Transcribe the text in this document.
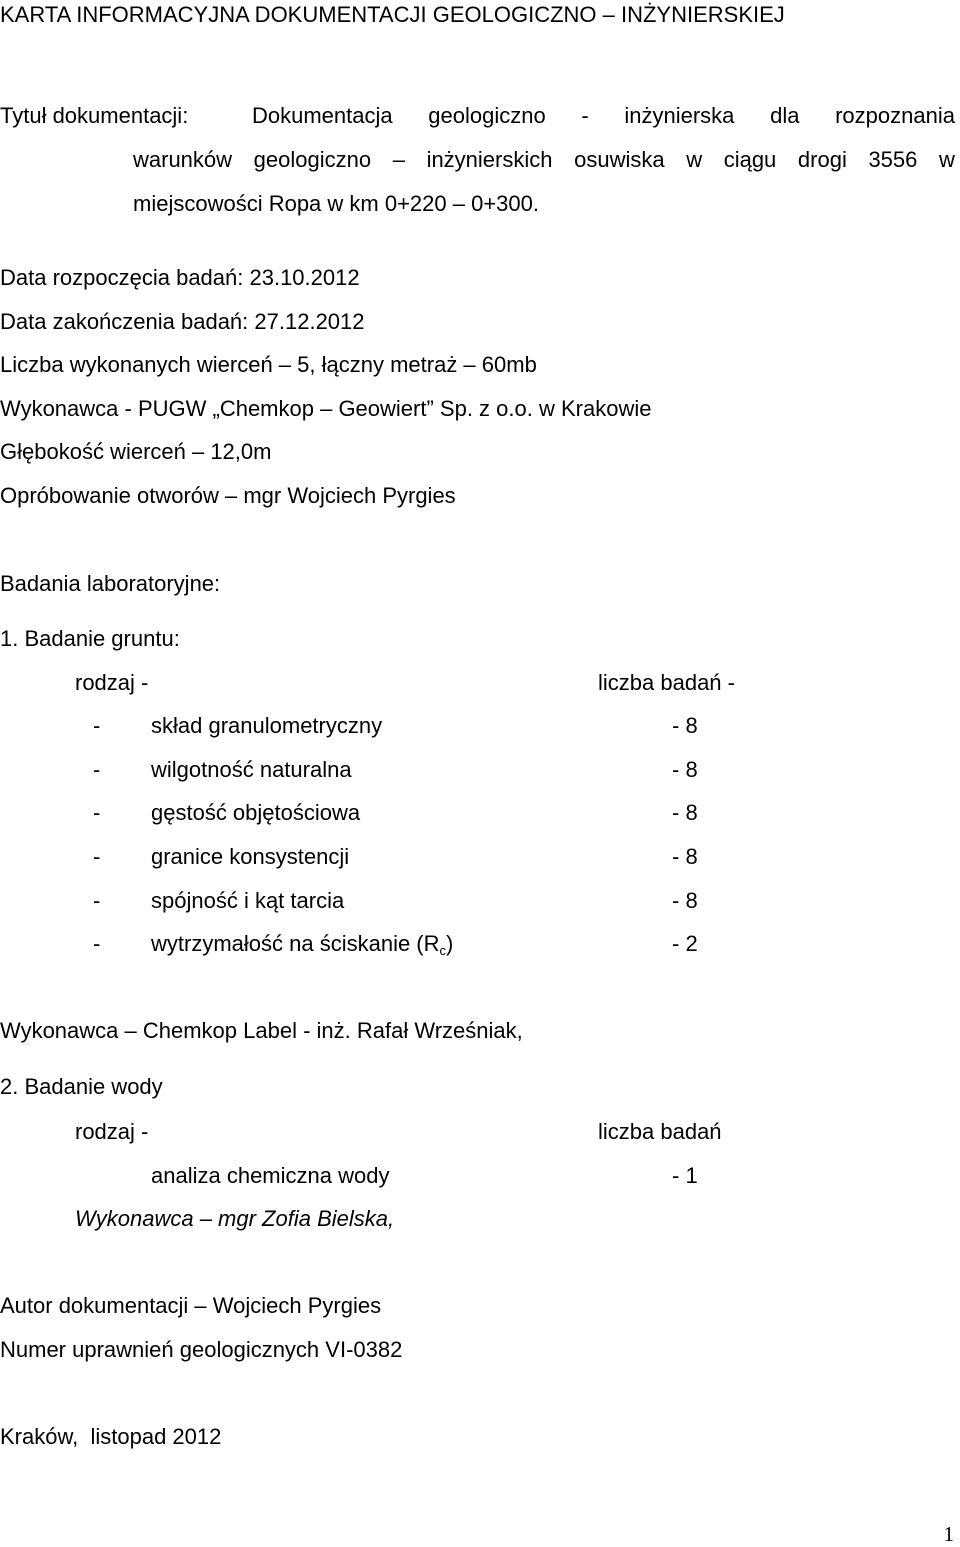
KARTA INFORMACYJNA DOKUMENTACJI GEOLOGICZNO – INŻYNIERSKIEJ
Tytuł dokumentacji:	Dokumentacja geologiczno - inżynierska dla rozpoznania
warunków geologiczno – inżynierskich osuwiska w ciągu drogi 3556 w
miejscowości Ropa w km 0+220 – 0+300.
Data rozpoczęcia badań: 23.10.2012
Data zakończenia badań: 27.12.2012
Liczba wykonanych wierceń – 5, łączny metraż – 60mb
Wykonawca - PUGW „Chemkop – Geowiert” Sp. z o.o. w Krakowie
Głębokość wierceń – 12,0m
Opróbowanie otworów – mgr Wojciech Pyrgies
Badania laboratoryjne:
1. Badanie gruntu:
rodzaj -	liczba badań -
- skład granulometryczny	- 8
- wilgotność naturalna	- 8
- gęstość objętościowa	- 8
- granice konsystencji	- 8
- spójność i kąt tarcia	- 8
- wytrzymałość na ściskanie $(R_c)$	- 2
Wykonawca – Chemkop Label - inż. Rafał Wrześniak,
2. Badanie wody
rodzaj -	liczba badań
analiza chemiczna wody	- 1
Wykonawca – mgr Zofia Bielska,
Autor dokumentacji – Wojciech Pyrgies
Numer uprawnień geologicznych VI-0382
Kraków,  listopad 2012
1
